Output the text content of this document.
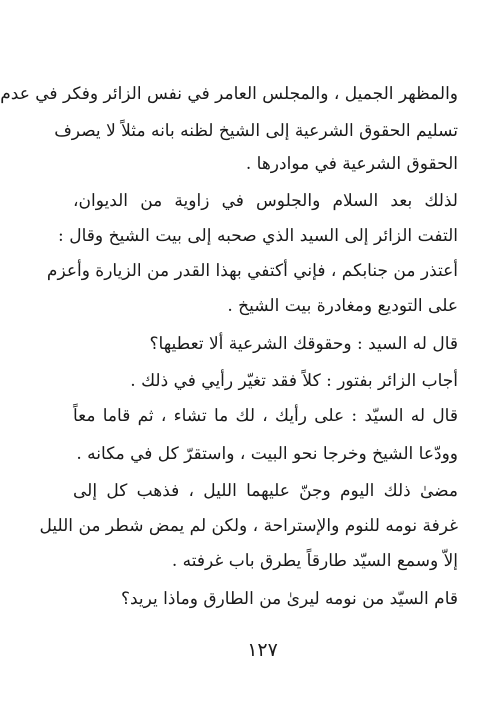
والمظهر الجميل ، والمجلس العامر في نفس الزائر وفكر في عدم
تسليم الحقوق الشرعية إلى الشيخ لظنه بانه مثلاً لا يصرف
الحقوق الشرعية في موادرها .
لذلك بعد السلام والجلوس في زاوية من الديوان،
التفت الزائر إلى السيد الذي صحبه إلى بيت الشيخ وقال :
أعتذر من جنابكم ، فإني أكتفي بهذا القدر من الزيارة وأعزم
على التوديع ومغادرة بيت الشيخ .
قال له السيد : وحقوقك الشرعية ألا تعطيها؟
أجاب الزائر بفتور : كلاً فقد تغيّر رأيي في ذلك .
قال له السيّد : على رأيك ، لك ما تشاء ، ثم قاما معاً
وودّعا الشيخ وخرجا نحو البيت ، واستقرّ كل في مكانه .
مضىٰ ذلك اليوم وجنّ عليهما الليل ، فذهب كل إلى
غرفة نومه للنوم والإستراحة ، ولكن لم يمض شطر من الليل
إلاّ وسمع السيّد طارقاً يطرق باب غرفته .
قام السيّد من نومه ليرىٰ من الطارق وماذا يريد؟
١٢٧
